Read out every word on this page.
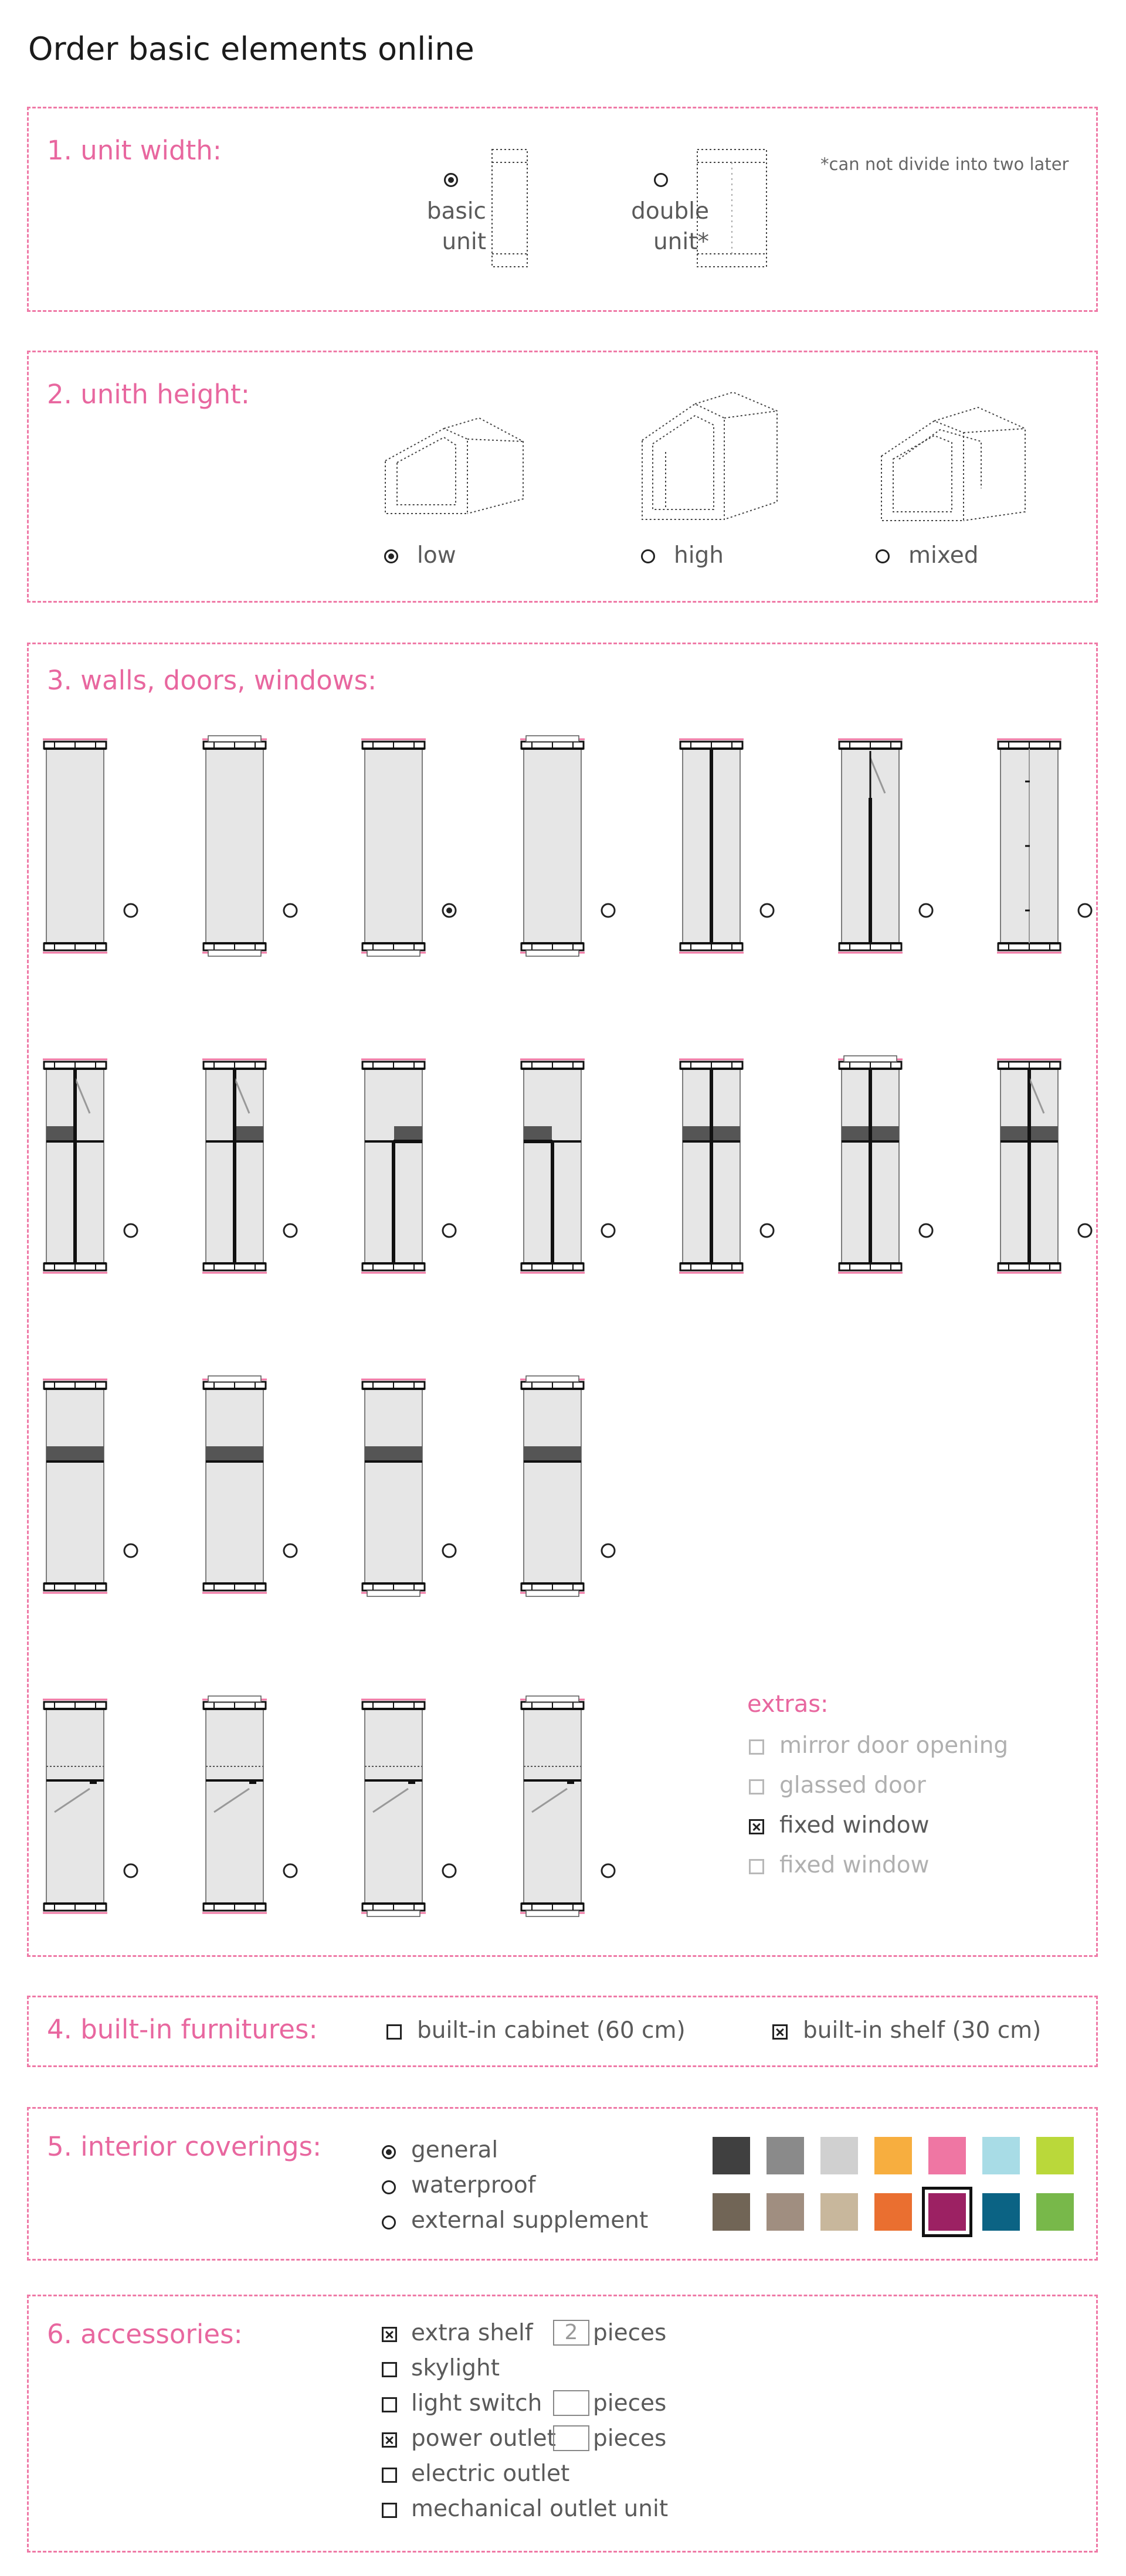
Order basic elements online
1. unit width:
basic
unit
double
unit*
*can not divide into two later
2. unith height:
low	high	mixed
3. walls, doors, windows:
extras:
mirror door opening
glassed door
fixed window
fixed window
4. built-in furnitures:	built-in cabinet (60 cm)	built-in shelf (30 cm)
5. interior coverings:	general
waterproof
external supplement
6. accessories:	extra shelf	2 pieces
skylight
light switch pieces
power outlet pieces
electric outlet
mechanical outlet unit
